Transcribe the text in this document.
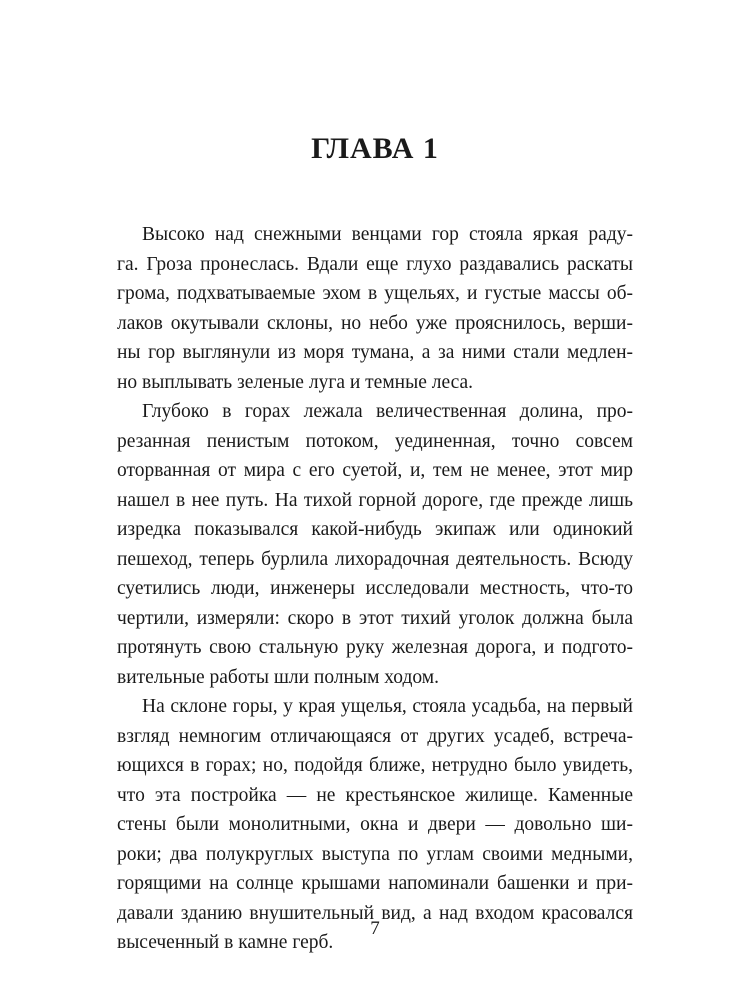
ГЛАВА 1
Высоко над снежными венцами гор стояла яркая раду-
га. Гроза пронеслась. Вдали еще глухо раздавались раскаты
грома, подхватываемые эхом в ущельях, и густые массы об-
лаков окутывали склоны, но небо уже прояснилось, верши-
ны гор выглянули из моря тумана, а за ними стали медлен-
но выплывать зеленые луга и темные леса.
Глубоко в горах лежала величественная долина, про-
резанная пенистым потоком, уединенная, точно совсем
оторванная от мира с его суетой, и, тем не менее, этот мир
нашел в нее путь. На тихой горной дороге, где прежде лишь
изредка показывался какой-нибудь экипаж или одинокий
пешеход, теперь бурлила лихорадочная деятельность. Всюду
суетились люди, инженеры исследовали местность, что-то
чертили, измеряли: скоро в этот тихий уголок должна была
протянуть свою стальную руку железная дорога, и подгото-
вительные работы шли полным ходом.
На склоне горы, у края ущелья, стояла усадьба, на первый
взгляд немногим отличающаяся от других усадеб, встреча-
ющихся в горах; но, подойдя ближе, нетрудно было увидеть,
что эта постройка — не крестьянское жилище. Каменные
стены были монолитными, окна и двери — довольно ши-
роки; два полукруглых выступа по углам своими медными,
горящими на солнце крышами напоминали башенки и при-
давали зданию внушительный вид, а над входом красовался
высеченный в камне герб.
7
